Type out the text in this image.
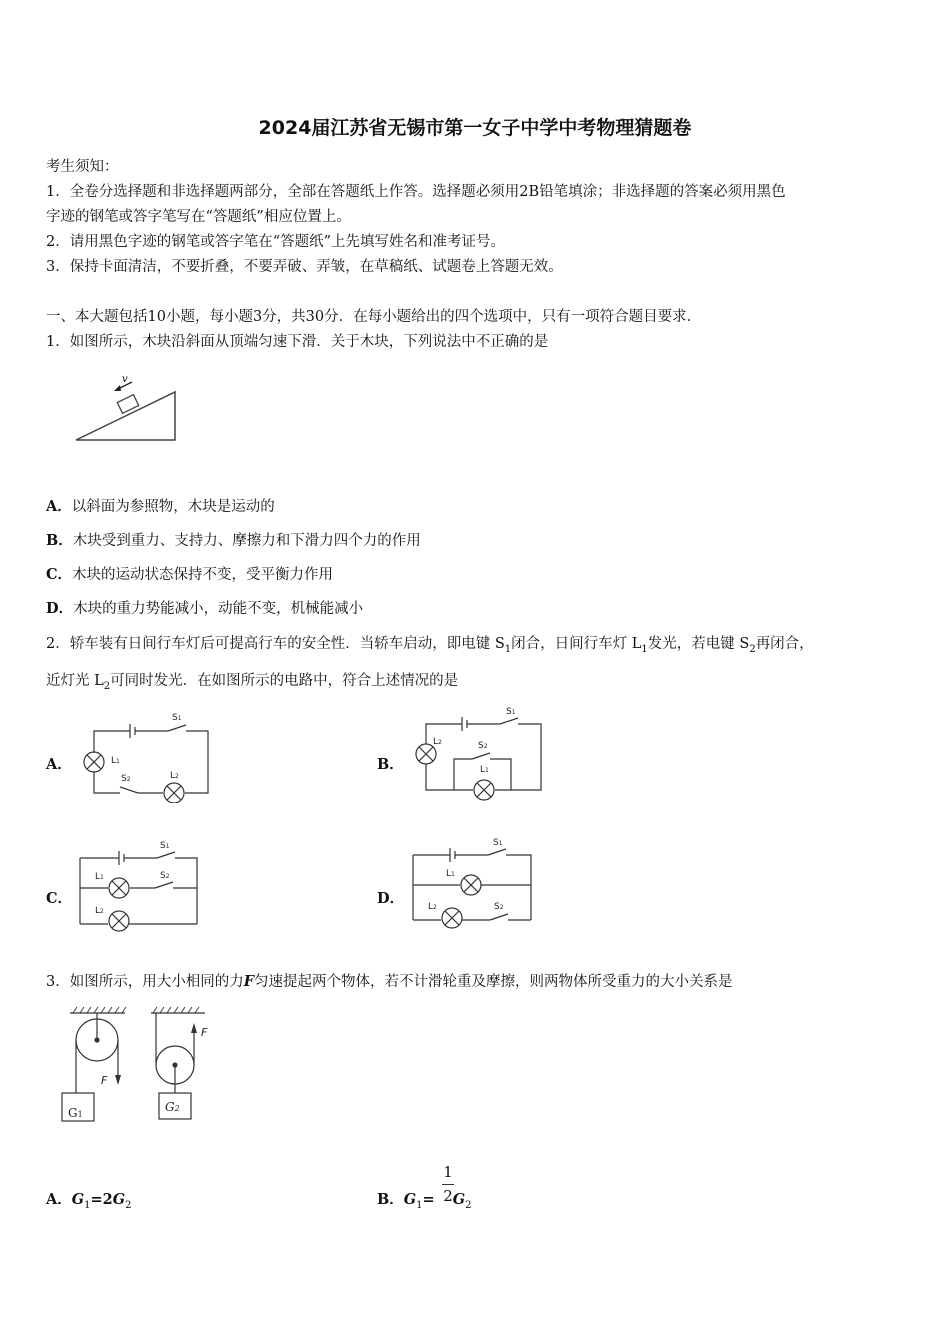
2024届江苏省无锡市第一女子中学中考物理猜题卷
考生须知：
1．全卷分选择题和非选择题两部分，全部在答题纸上作答。选择题必须用2B铅笔填涂；非选择题的答案必须用黑色
字迹的钢笔或答字笔写在“答题纸”相应位置上。
2．请用黑色字迹的钢笔或答字笔在“答题纸”上先填写姓名和准考证号。
3．保持卡面清洁，不要折叠，不要弄破、弄皱，在草稿纸、试题卷上答题无效。
一、本大题包括10小题，每小题3分，共30分．在每小题给出的四个选项中，只有一项符合题目要求．
1．如图所示，木块沿斜面从顶端匀速下滑．关于木块，下列说法中不正确的是
v
A．以斜面为参照物，木块是运动的
B．木块受到重力、支持力、摩擦力和下滑力四个力的作用
C．木块的运动状态保持不变，受平衡力作用
D．木块的重力势能减小，动能不变，机械能减小
2．轿车装有日间行车灯后可提高行车的安全性．当轿车启动，即电键 $S_1$闭合，日间行车灯 $L_1$发光，若电键 $S_2$再闭合，
近灯光 $L_2$可同时发光．在如图所示的电路中，符合上述情况的是
A．	B．
C．	D．
S1
L1
S2	L2
S1
L2	S2
L1
S1
L1	S2
L2
S1
L1
L2	S2
3．如图所示，用大小相同的力F匀速提起两个物体，若不计滑轮重及摩擦，则两物体所受重力的大小关系是
F
F
G1
G2
A．$G_1=2G_2$	B．$G_1= G_2$
1
2
